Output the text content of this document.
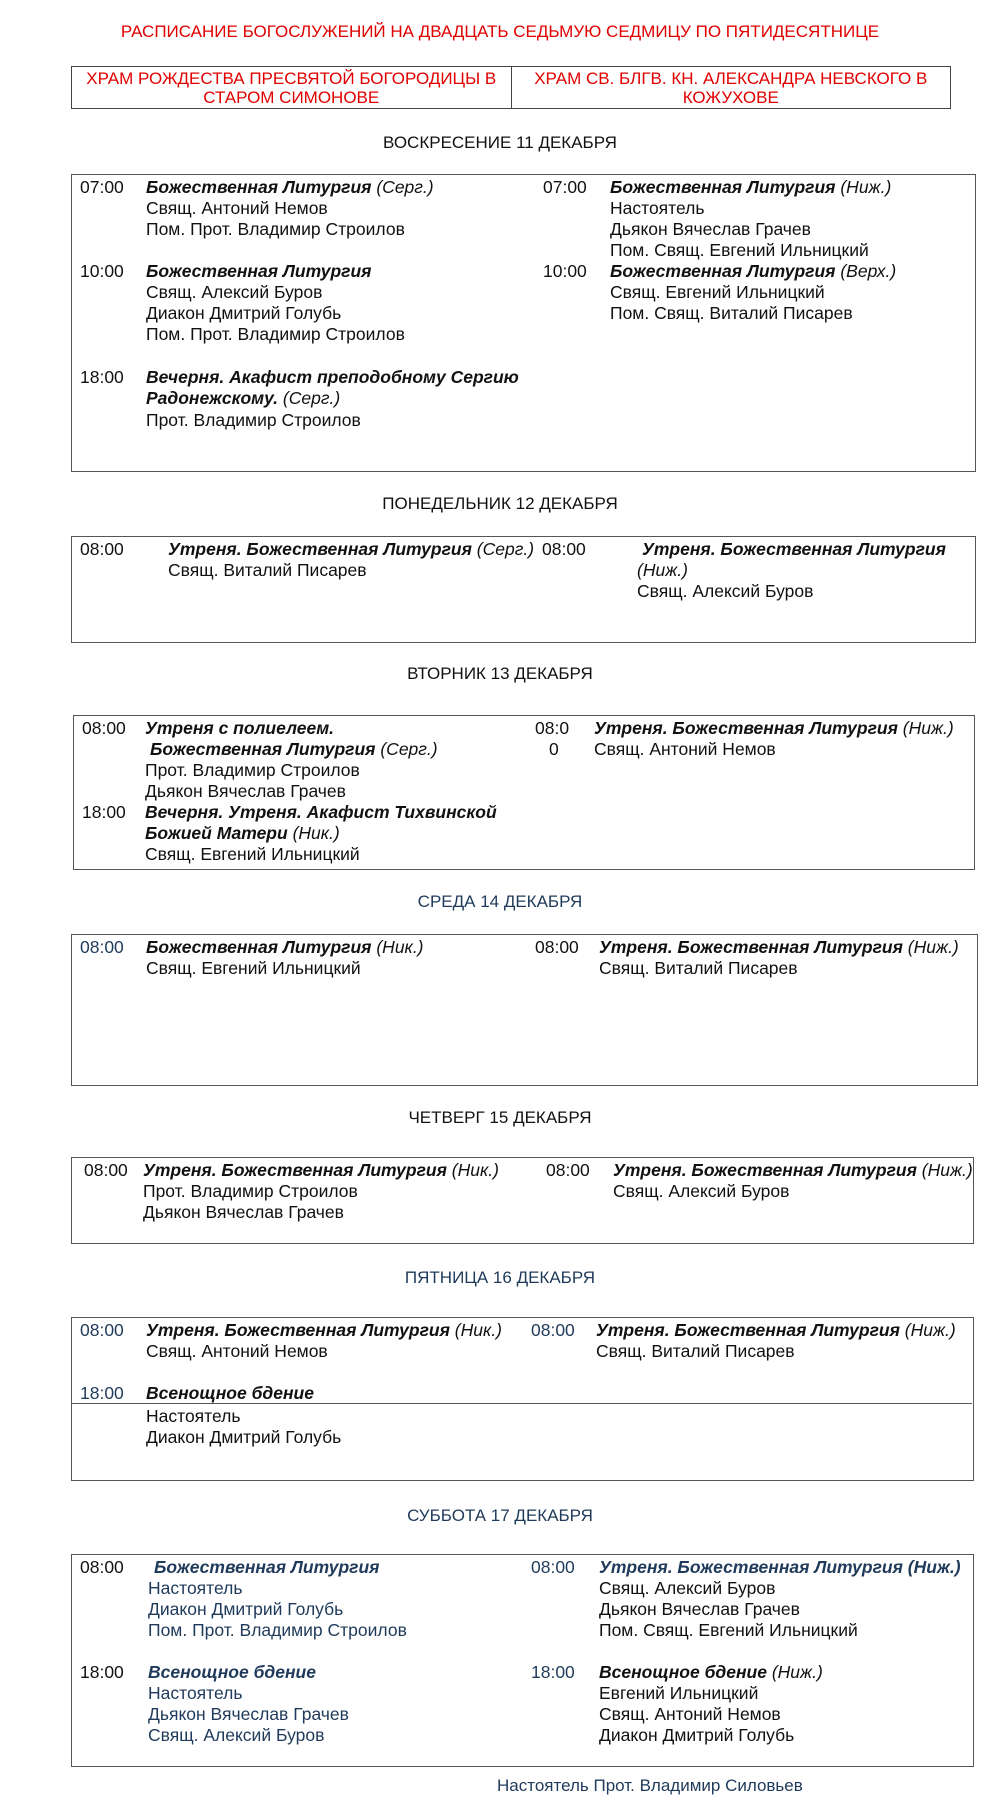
РАСПИСАНИЕ БОГОСЛУЖЕНИЙ НА ДВАДЦАТЬ СЕДЬМУЮ СЕДМИЦУ ПО ПЯТИДЕСЯТНИЦЕ
ХРАМ РОЖДЕСТВА ПРЕСВЯТОЙ БОГОРОДИЦЫ В СТАРОМ СИМОНОВЕ
ХРАМ СВ. БЛГВ. КН. АЛЕКСАНДРА НЕВСКОГО В КОЖУХОВЕ
ВОСКРЕСЕНИЕ 11 ДЕКАБРЯ
07:00 Божественная Литургия (Серг.)
Свящ. Антоний Немов
Пом. Прот. Владимир Строилов
10:00 Божественная Литургия
Свящ. Алексий Буров
Диакон Дмитрий Голубь
Пом. Прот. Владимир Строилов
18:00 Вечерня. Акафист преподобному Сергию
Радонежскому. (Серг.)
Прот. Владимир Строилов
07:00 Божественная Литургия (Ниж.)
Настоятель
Дьякон Вячеслав Грачев
Пом. Свящ. Евгений Ильницкий
10:00 Божественная Литургия (Верх.)
Свящ. Евгений Ильницкий
Пом. Свящ. Виталий Писарев
ПОНЕДЕЛЬНИК 12 ДЕКАБРЯ
08:00	Утреня. Божественная Литургия (Серг.)
Свящ. Виталий Писарев
08:00	Утреня. Божественная Литургия
(Ниж.)
Свящ. Алексий Буров
ВТОРНИК 13 ДЕКАБРЯ
08:00 Утреня с полиелеем.
Божественная Литургия (Серг.)
Прот. Владимир Строилов
Дьякон Вячеслав Грачев
18:00 Вечерня. Утреня. Акафист Тихвинской
Божией Матери (Ник.)
Свящ. Евгений Ильницкий
08:0
0
Утреня. Божественная Литургия (Ниж.)
Свящ. Антоний Немов
СРЕДА 14 ДЕКАБРЯ
08:00 Божественная Литургия (Ник.)
Свящ. Евгений Ильницкий
08:00 Утреня. Божественная Литургия (Ниж.)
Свящ. Виталий Писарев
ЧЕТВЕРГ 15 ДЕКАБРЯ
08:00 Утреня. Божественная Литургия (Ник.)
Прот. Владимир Строилов
Дьякон Вячеслав Грачев
08:00 Утреня. Божественная Литургия (Ниж.)
Свящ. Алексий Буров
ПЯТНИЦА 16 ДЕКАБРЯ
08:00 Утреня. Божественная Литургия (Ник.)
Свящ. Антоний Немов
08:00 Утреня. Божественная Литургия (Ниж.)
Свящ. Виталий Писарев
18:00 Всенощное бдение
Настоятель
Диакон Дмитрий Голубь
СУББОТА 17 ДЕКАБРЯ
08:00 Божественная Литургия
Настоятель
Диакон Дмитрий Голубь
Пом. Прот. Владимир Строилов
18:00 Всенощное бдение
Настоятель
Дьякон Вячеслав Грачев
Свящ. Алексий Буров
08:00 Утреня. Божественная Литургия (Ниж.)
Свящ. Алексий Буров
Дьякон Вячеслав Грачев
Пом. Свящ. Евгений Ильницкий
18:00 Всенощное бдение (Ниж.)
Евгений Ильницкий
Свящ. Антоний Немов
Диакон Дмитрий Голубь
Настоятель Прот. Владимир Силовьев
